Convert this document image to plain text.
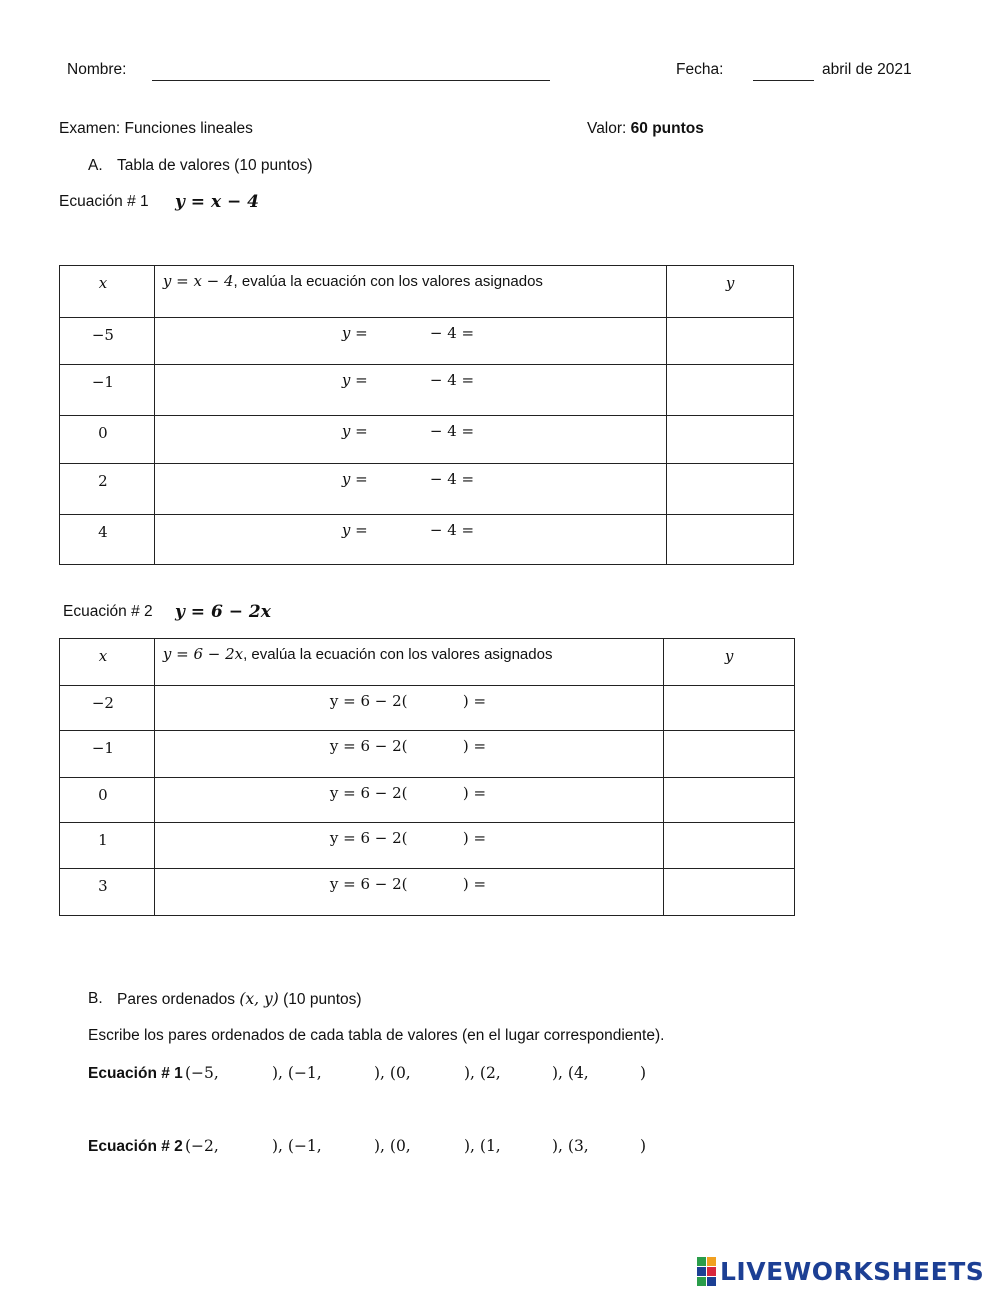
Nombre:	Fecha:	abril de 2021
Examen: Funciones lineales	Valor: 60 puntos
A. Tabla de valores (10 puntos)
Ecuación # 1 y = x − 4
x	y = x − 4, evalúa la ecuación con los valores asignados	y
−5	y = − 4 =	

−1	y = − 4 =	

0	y = − 4 =	

2	y = − 4 =	

4	y = − 4 =	

Ecuación # 2 y = 6 − 2x
x	y = 6 − 2x, evalúa la ecuación con los valores asignados	y
−2	y = 6 − 2( ) =	

−1	y = 6 − 2( ) =	

0	y = 6 − 2( ) =	

1	y = 6 − 2( ) =	

3	y = 6 − 2( ) =	

B. Pares ordenados (x, y) (10 puntos)
Escribe los pares ordenados de cada tabla de valores (en el lugar correspondiente).
Ecuación # 1 (−5,	), (−1,	), (0,	), (2,	), (4,	)
Ecuación # 2 (−2,	), (−1,	), (0,	), (1,	), (3,	)
LIVEWORKSHEETS
